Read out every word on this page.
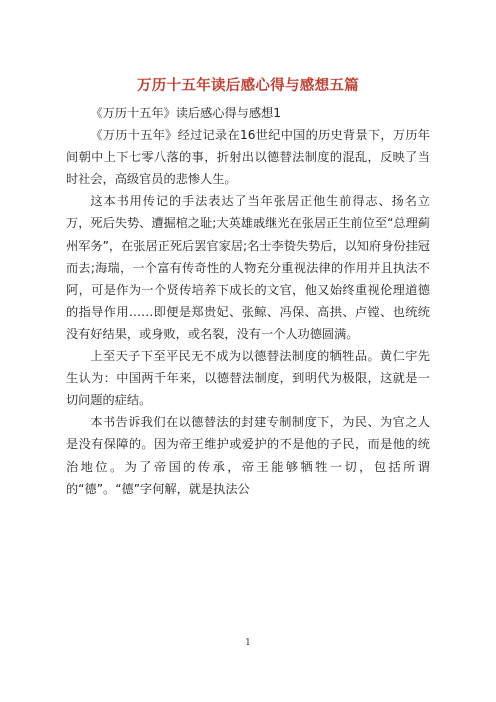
万历十五年读后感心得与感想五篇

《万历十五年》读后感心得与感想1

《万历十五年》经过记录在16世纪中国的历史背景下，万历年间朝中上下七零八落的事，折射出以德替法制度的混乱，反映了当时社会，高级官员的悲惨人生。

这本书用传记的手法表达了当年张居正他生前得志、扬名立万，死后失势、遭掘棺之耻;大英雄戚继光在张居正生前位至“总理蓟州军务”，在张居正死后罢官家居;名士李贽失势后，以知府身份挂冠而去;海瑞，一个富有传奇性的人物充分重视法律的作用并且执法不阿，可是作为一个贤传培养下成长的文官，他又始终重视伦理道德的指导作用……即便是郑贵妃、张鲸、冯保、高拱、卢镗、也统统没有好结果，或身败，或名裂，没有一个人功德圆满。

上至天子下至平民无不成为以德替法制度的牺牲品。黄仁宇先生认为：中国两千年来，以德替法制度，到明代为极限，这就是一切问题的症结。

本书告诉我们在以德替法的封建专制制度下，为民、为官之人是没有保障的。因为帝王维护或爱护的不是他的子民，而是他的统治地位。为了帝国的传承，帝王能够牺牲一切，包括所谓的“德”。“德”字何解，就是执法公

1
